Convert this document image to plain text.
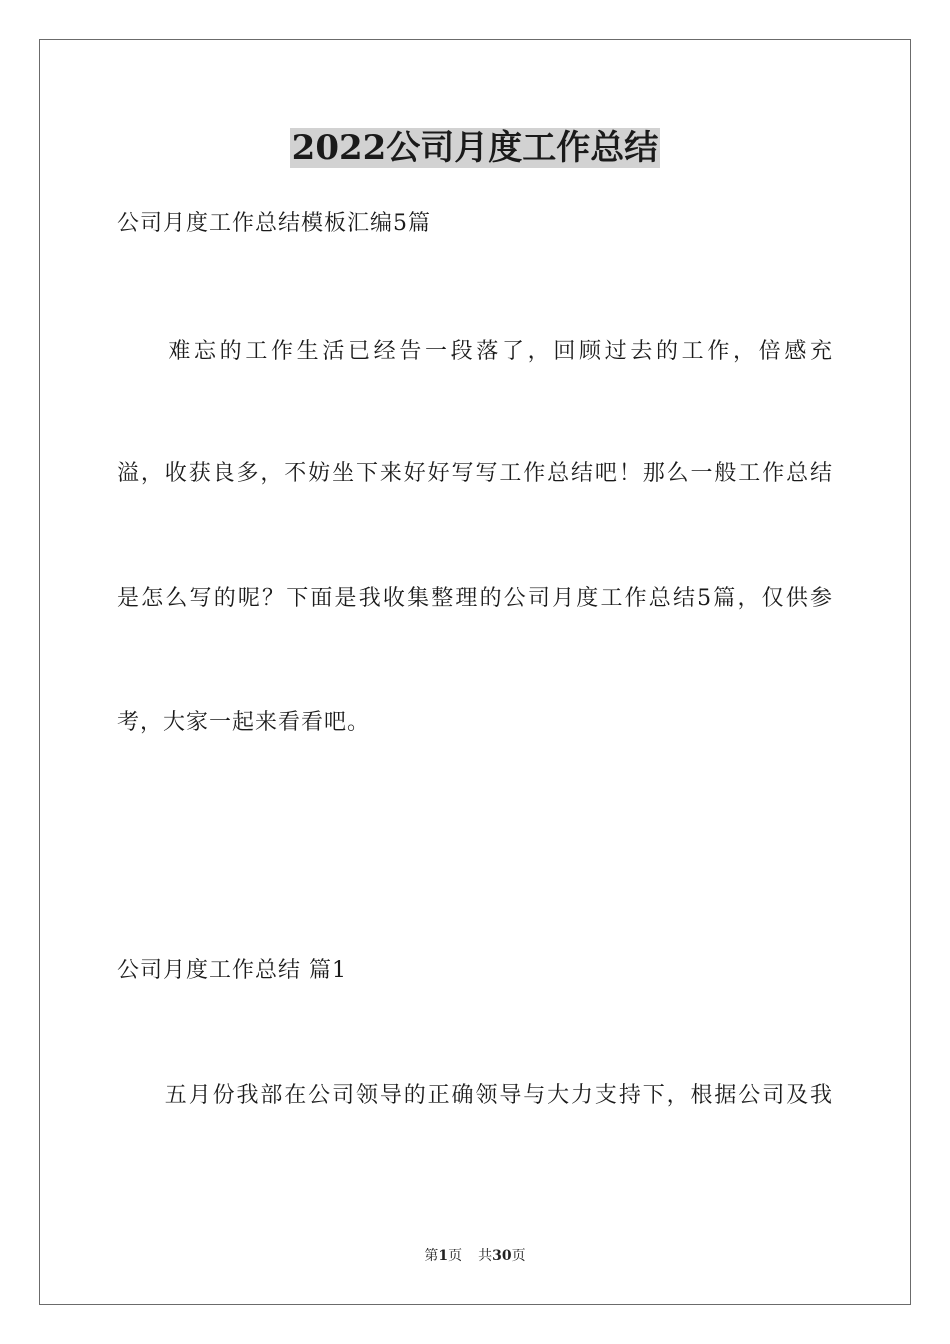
2022公司月度工作总结

公司月度工作总结模板汇编5篇

　　难忘的工作生活已经告一段落了，回顾过去的工作，倍感充

溢，收获良多，不妨坐下来好好写写工作总结吧！那么一般工作总结

是怎么写的呢？下面是我收集整理的公司月度工作总结5篇，仅供参

考，大家一起来看看吧。

公司月度工作总结 篇1

　　五月份我部在公司领导的正确领导与大力支持下，根据公司及我

第1页 共30页
